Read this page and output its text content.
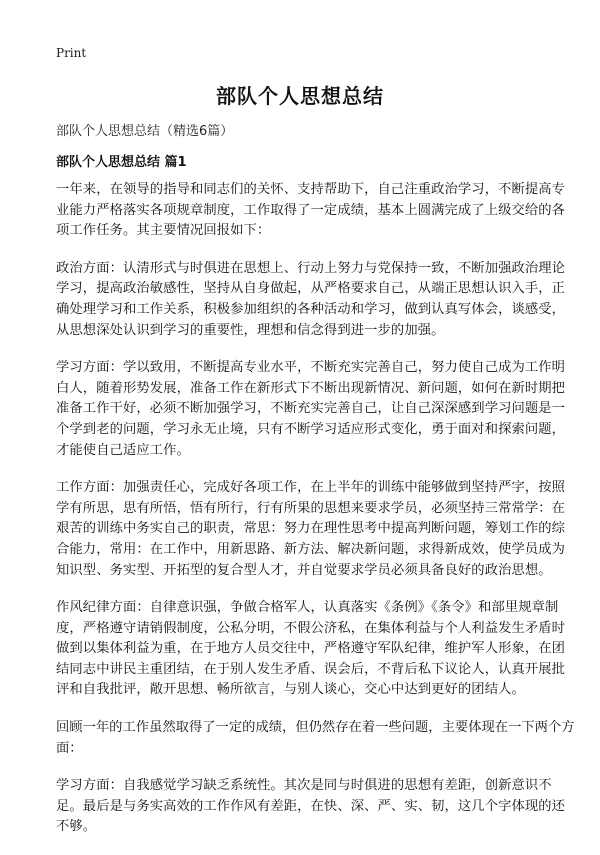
Print
部队个人思想总结
部队个人思想总结（精选6篇）
部队个人思想总结 篇1

一年来，在领导的指导和同志们的关怀、支持帮助下，自己注重政治学习，不断提高专业能力严格落实各项规章制度，工作取得了一定成绩，基本上圆满完成了上级交给的各项工作任务。其主要情况回报如下：

政治方面：认清形式与时俱进在思想上、行动上努力与党保持一致，不断加强政治理论学习，提高政治敏感性，坚持从自身做起，从严格要求自己，从端正思想认识入手，正确处理学习和工作关系，积极参加组织的各种活动和学习，做到认真写体会，谈感受，从思想深处认识到学习的重要性，理想和信念得到进一步的加强。

学习方面：学以致用，不断提高专业水平，不断充实完善自己，努力使自己成为工作明白人，随着形势发展，准备工作在新形式下不断出现新情况、新问题，如何在新时期把准备工作干好，必须不断加强学习，不断充实完善自己，让自己深深感到学习问题是一个学到老的问题，学习永无止境，只有不断学习适应形式变化，勇于面对和探索问题，才能使自己适应工作。

工作方面：加强责任心，完成好各项工作，在上半年的训练中能够做到坚持严字，按照学有所思，思有所悟，悟有所行，行有所果的思想来要求学员，必须坚持三常常学：在艰苦的训练中务实自己的职责，常思：努力在理性思考中提高判断问题，筹划工作的综合能力，常用：在工作中，用新思路、新方法、解决新问题，求得新成效，使学员成为知识型、务实型、开拓型的复合型人才，并自觉要求学员必须具备良好的政治思想。

作风纪律方面：自律意识强，争做合格军人，认真落实《条例》《条令》和部里规章制度，严格遵守请销假制度，公私分明，不假公济私，在集体利益与个人利益发生矛盾时做到以集体利益为重，在于地方人员交往中，严格遵守军队纪律，维护军人形象，在团结同志中讲民主重团结，在于别人发生矛盾、误会后，不背后私下议论人，认真开展批评和自我批评，敞开思想、畅所欲言，与别人谈心，交心中达到更好的团结人。

回顾一年的工作虽然取得了一定的成绩，但仍然存在着一些问题，主要体现在一下两个方面：

学习方面：自我感觉学习缺乏系统性。其次是同与时俱进的思想有差距，创新意识不足。最后是与务实高效的工作作风有差距，在快、深、严、实、韧，这几个字体现的还不够。
